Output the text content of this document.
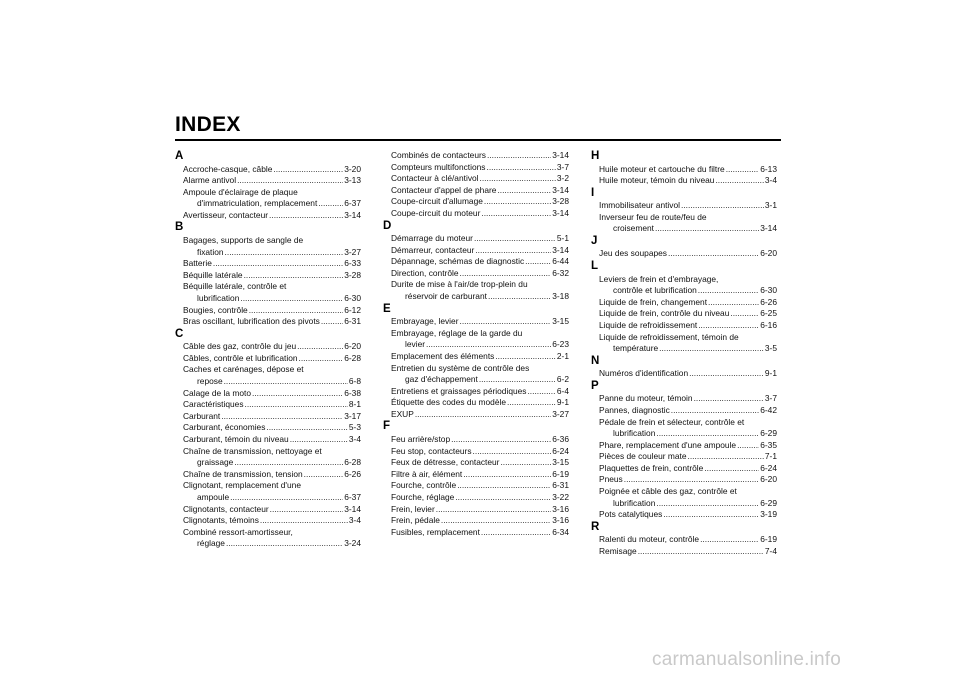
INDEX
A
Accroche-casque, câble .....	3-20
Alarme antivol .....	3-13
Ampoule d'éclairage de plaque
d'immatriculation, remplacement .....	6-37
Avertisseur, contacteur .....	3-14
B
Bagages, supports de sangle de
fixation .....	3-27
Batterie .....	6-33
Béquille latérale .....	3-28
Béquille latérale, contrôle et
lubrification .....	6-30
Bougies, contrôle .....	6-12
Bras oscillant, lubrification des pivots .....	6-31
C
Câble des gaz, contrôle du jeu .....	6-20
Câbles, contrôle et lubrification .....	6-28
Caches et carénages, dépose et
repose .....	6-8
Calage de la moto .....	6-38
Caractéristiques .....	8-1
Carburant .....	3-17
Carburant, économies .....	5-3
Carburant, témoin du niveau .....	3-4
Chaîne de transmission, nettoyage et
graissage .....	6-28
Chaîne de transmission, tension .....	6-26
Clignotant, remplacement d'une
ampoule .....	6-37
Clignotants, contacteur .....	3-14
Clignotants, témoins .....	3-4
Combiné ressort-amortisseur,
réglage .....	3-24
Combinés de contacteurs .....	3-14
Compteurs multifonctions .....	3-7
Contacteur à clé/antivol .....	3-2
Contacteur d'appel de phare .....	3-14
Coupe-circuit d'allumage .....	3-28
Coupe-circuit du moteur .....	3-14
D
Démarrage du moteur .....	5-1
Démarreur, contacteur .....	3-14
Dépannage, schémas de diagnostic .....	6-44
Direction, contrôle .....	6-32
Durite de mise à l'air/de trop-plein du
réservoir de carburant .....	3-18
E
Embrayage, levier .....	3-15
Embrayage, réglage de la garde du
levier .....	6-23
Emplacement des éléments .....	2-1
Entretien du système de contrôle des
gaz d'échappement .....	6-2
Entretiens et graissages périodiques .....	6-4
Étiquette des codes du modèle .....	9-1
EXUP .....	3-27
F
Feu arrière/stop .....	6-36
Feu stop, contacteurs .....	6-24
Feux de détresse, contacteur .....	3-15
Filtre à air, élément .....	6-19
Fourche, contrôle .....	6-31
Fourche, réglage .....	3-22
Frein, levier .....	3-16
Frein, pédale .....	3-16
Fusibles, remplacement .....	6-34
H
Huile moteur et cartouche du filtre .....	6-13
Huile moteur, témoin du niveau .....	3-4
I
Immobilisateur antivol .....	3-1
Inverseur feu de route/feu de
croisement .....	3-14
J
Jeu des soupapes .....	6-20
L
Leviers de frein et d'embrayage,
contrôle et lubrification .....	6-30
Liquide de frein, changement .....	6-26
Liquide de frein, contrôle du niveau .....	6-25
Liquide de refroidissement .....	6-16
Liquide de refroidissement, témoin de
température .....	3-5
N
Numéros d'identification .....	9-1
P
Panne du moteur, témoin .....	3-7
Pannes, diagnostic .....	6-42
Pédale de frein et sélecteur, contrôle et
lubrification .....	6-29
Phare, remplacement d'une ampoule .....	6-35
Pièces de couleur mate .....	7-1
Plaquettes de frein, contrôle .....	6-24
Pneus .....	6-20
Poignée et câble des gaz, contrôle et
lubrification .....	6-29
Pots catalytiques .....	3-19
R
Ralenti du moteur, contrôle .....	6-19
Remisage .....	7-4
carmanualsonline.info
